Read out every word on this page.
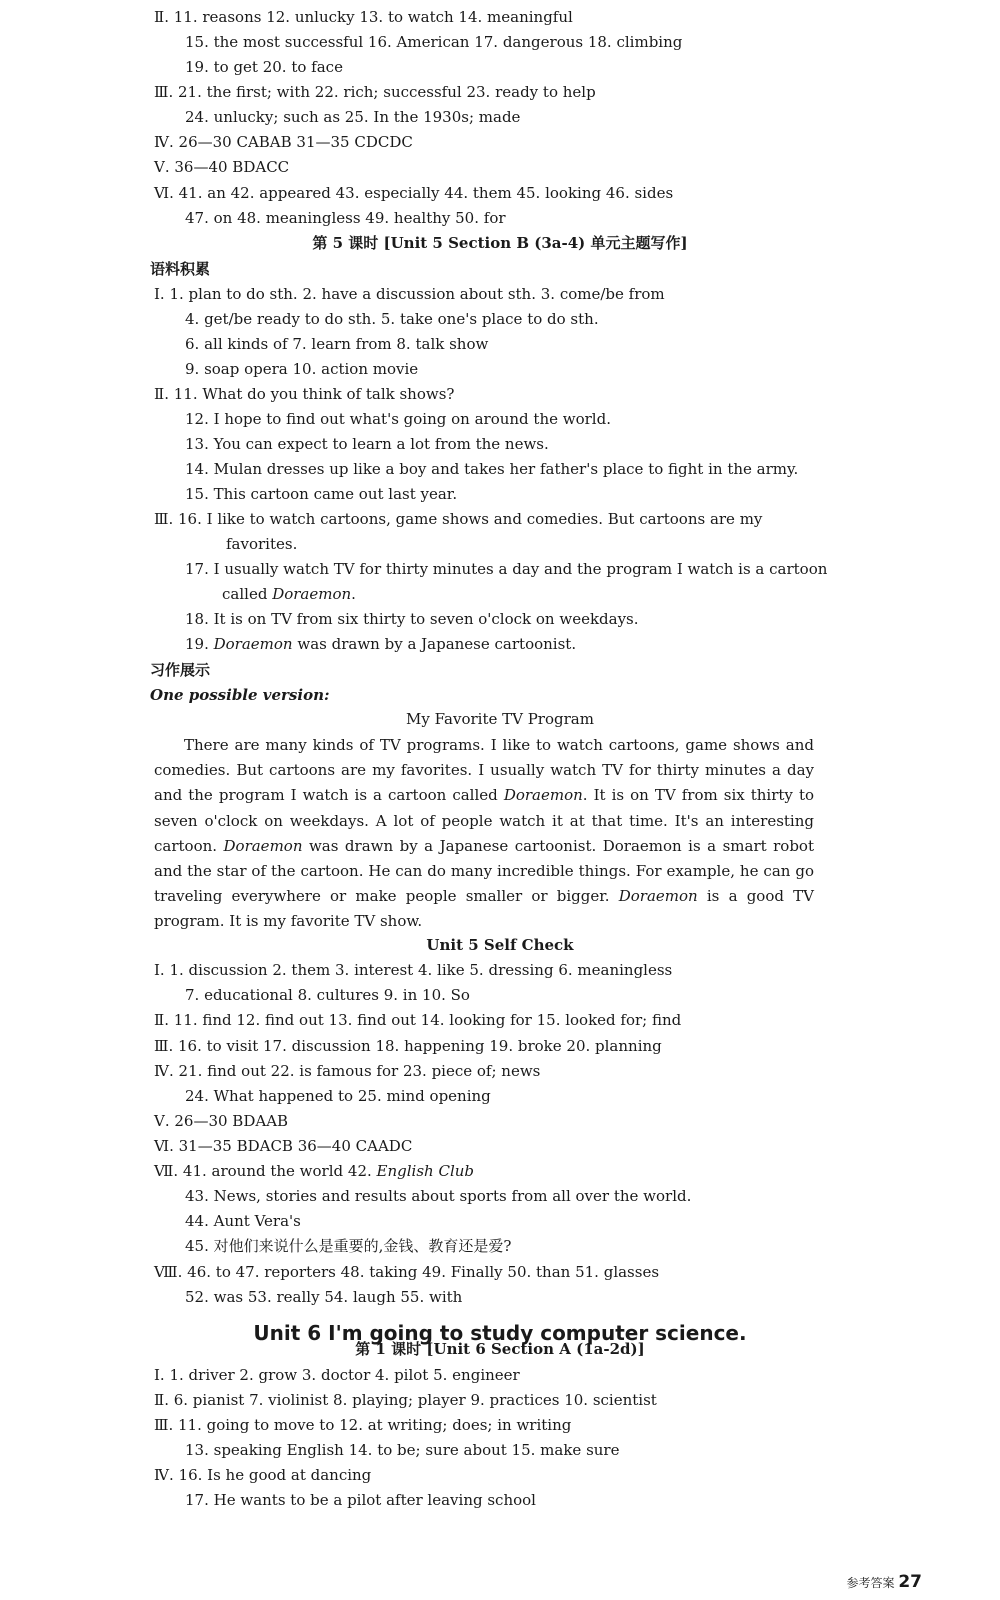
Ⅱ. 11. reasons 12. unlucky 13. to watch 14. meaningful
15. the most successful 16. American 17. dangerous 18. climbing
19. to get 20. to face
Ⅲ. 21. the first; with 22. rich; successful 23. ready to help
24. unlucky; such as 25. In the 1930s; made
Ⅳ. 26—30 CABAB 31—35 CDCDC
Ⅴ. 36—40 BDACC
Ⅵ. 41. an 42. appeared 43. especially 44. them 45. looking 46. sides
47. on 48. meaningless 49. healthy 50. for
Ⅰ. 1. plan to do sth. 2. have a discussion about sth. 3. come/be from
4. get/be ready to do sth. 5. take one's place to do sth.
6. all kinds of 7. learn from 8. talk show
9. soap opera 10. action movie
Ⅱ. 11. What do you think of talk shows?
12. I hope to find out what's going on around the world.
13. You can expect to learn a lot from the news.
14. Mulan dresses up like a boy and takes her father's place to fight in the army.
15. This cartoon came out last year.
Ⅲ. 16. I like to watch cartoons, game shows and comedies. But cartoons are my
favorites.
17. I usually watch TV for thirty minutes a day and the program I watch is a cartoon
18. It is on TV from six thirty to seven o'clock on weekdays.
Ⅰ. 1. discussion 2. them 3. interest 4. like 5. dressing 6. meaningless
7. educational 8. cultures 9. in 10. So
Ⅱ. 11. find 12. find out 13. find out 14. looking for 15. looked for; find
Ⅲ. 16. to visit 17. discussion 18. happening 19. broke 20. planning
Ⅳ. 21. find out 22. is famous for 23. piece of; news
24. What happened to 25. mind opening
Ⅴ. 26—30 BDAAB
Ⅵ. 31—35 BDACB 36—40 CAADC
43. News, stories and results about sports from all over the world.
44. Aunt Vera's
45. 对他们来说什么是重要的,金钱、教育还是爱?
Ⅷ. 46. to 47. reporters 48. taking 49. Finally 50. than 51. glasses
52. was 53. really 54. laugh 55. with
Ⅰ. 1. driver 2. grow 3. doctor 4. pilot 5. engineer
Ⅱ. 6. pianist 7. violinist 8. playing; player 9. practices 10. scientist
Ⅲ. 11. going to move to 12. at writing; does; in writing
13. speaking English 14. to be; sure about 15. make sure
Ⅳ. 16. Is he good at dancing
17. He wants to be a pilot after leaving school
第 5 课时 [Unit 5 Section B (3a-4) 单元主题写作]
语料积累
called Doraemon.
19. Doraemon was drawn by a Japanese cartoonist.
习作展示
One possible version:
My Favorite TV Program
There are many kinds of TV programs. I like to watch cartoons, game shows and comedies. But cartoons are my favorites. I usually watch TV for thirty minutes a day and the program I watch is a cartoon called Doraemon. It is on TV from six thirty to seven o'clock on weekdays. A lot of people watch it at that time. It's an interesting cartoon. Doraemon was drawn by a Japanese cartoonist. Doraemon is a smart robot and the star of the cartoon. He can do many incredible things. For example, he can go traveling everywhere or make people smaller or bigger. Doraemon is a good TV program. It is my favorite TV show.
Unit 5 Self Check
Ⅶ. 41. around the world 42. English Club
Unit 6 I'm going to study computer science.
第 1 课时 [Unit 6 Section A (1a-2d)]
参考答案 27
